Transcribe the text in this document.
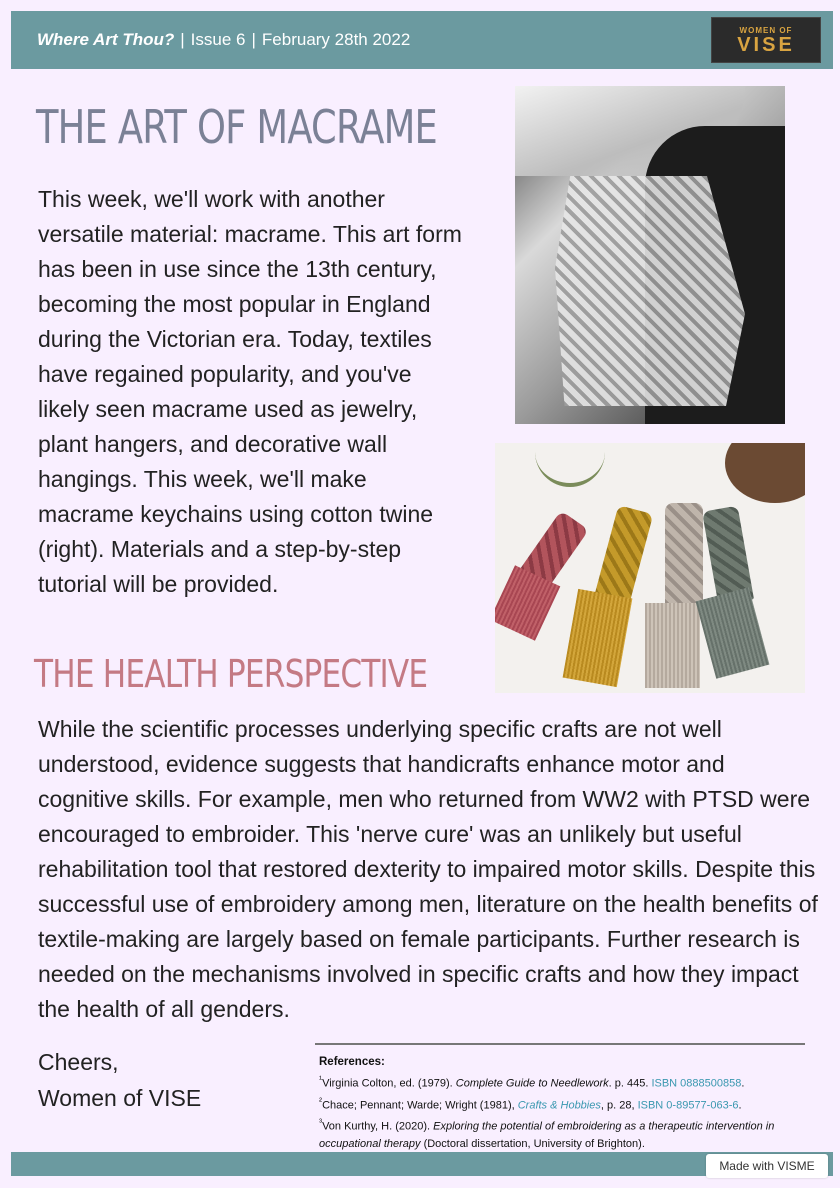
Where Art Thou? | Issue 6 | February 28th 2022	WOMEN OF
VISE
THE ART OF MACRAME

This week, we'll work with another versatile material: macrame. This art form has been in use since the 13th century, becoming the most popular in England during the Victorian era. Today, textiles have regained popularity, and you've likely seen macrame used as jewelry, plant hangers, and decorative wall hangings. This week, we'll make macrame keychains using cotton twine (right). Materials and a step-by-step tutorial will be provided.

THE HEALTH PERSPECTIVE

While the scientific processes underlying specific crafts are not well understood, evidence suggests that handicrafts enhance motor and cognitive skills. For example, men who returned from WW2 with PTSD were encouraged to embroider. This 'nerve cure' was an unlikely but useful rehabilitation tool that restored dexterity to impaired motor skills. Despite this successful use of embroidery among men, literature on the health benefits of textile-making are largely based on female participants. Further research is needed on the mechanisms involved in specific crafts and how they impact the health of all genders.

Cheers,
Women of VISE
References:
$^{^1}$Virginia Colton, ed. (1979). Complete Guide to Needlework. p. 445. ISBN 0888500858.
$^{^2}$Chace; Pennant; Warde; Wright (1981), Crafts & Hobbies, p. 28, ISBN 0-89577-063-6.
$^{^3}$Von Kurthy, H. (2020). Exploring the potential of embroidering as a therapeutic intervention in occupational therapy (Doctoral dissertation, University of Brighton).
Made with VISME
